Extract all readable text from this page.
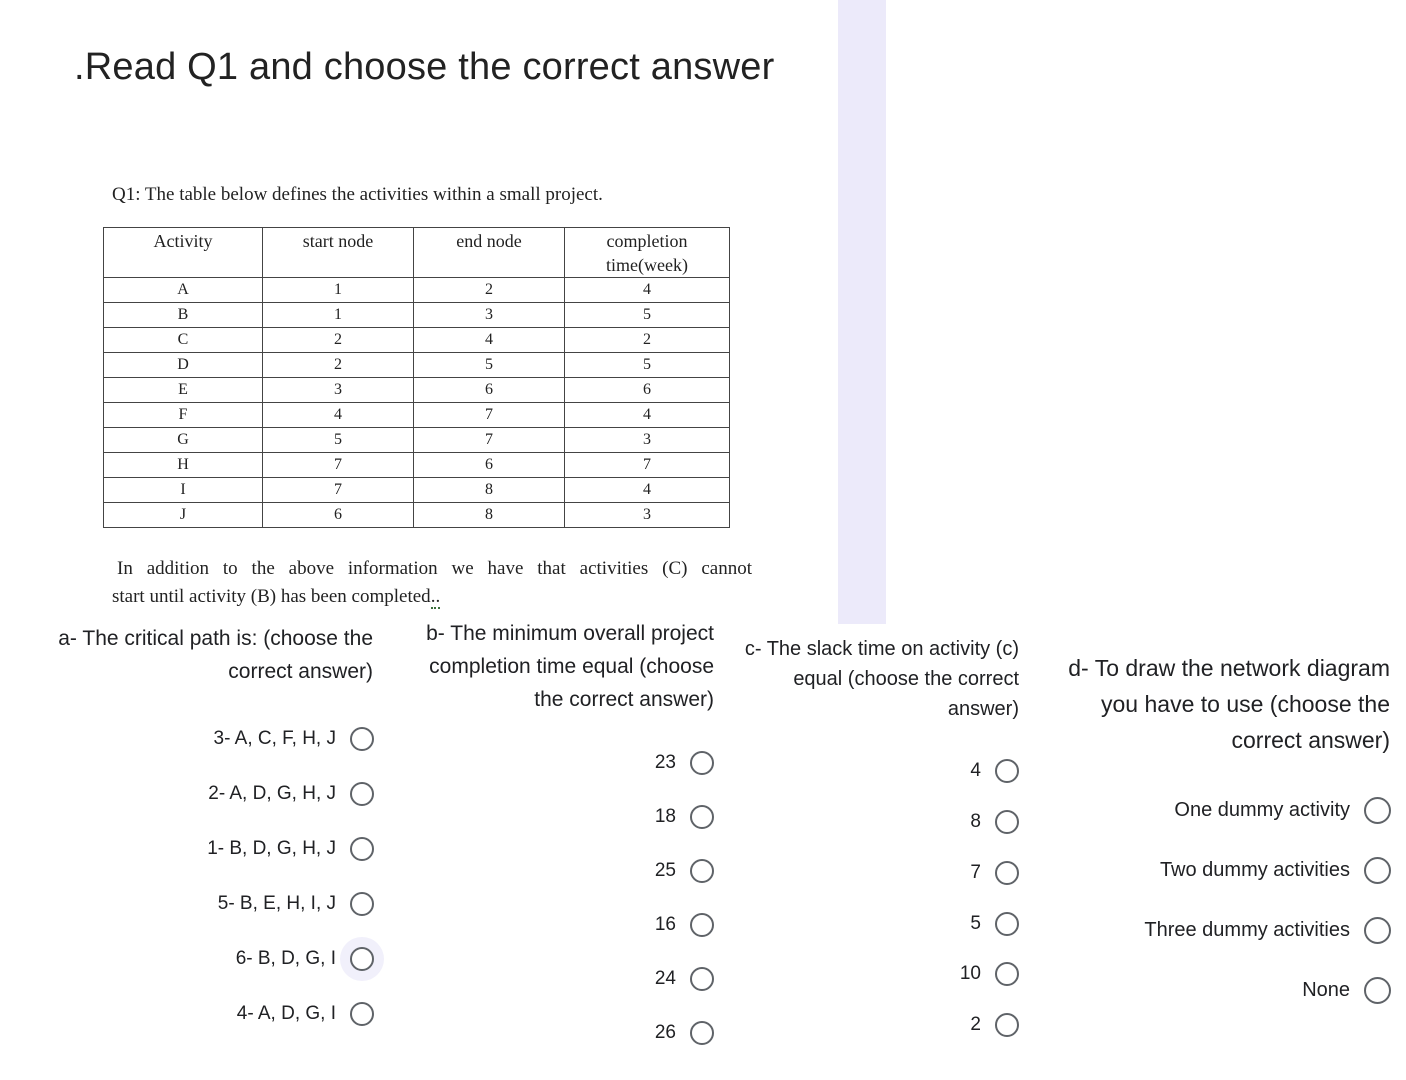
.Read Q1 and choose the correct answer
Q1: The table below defines the activities within a small project.
Activity	start node	end node	completion time(week)
A	1	2	4
B	1	3	5
C	2	4	2
D	2	5	5
E	3	6	6
F	4	7	4
G	5	7	3
H	7	6	7
I	7	8	4
J	6	8	3
In addition to the above information we have that activities (C) cannot
start until activity (B) has been completed..
a- The critical path is: (choose the
correct answer)
3- A, C, F, H, J
2- A, D, G, H, J
1- B, D, G, H, J
5- B, E, H, I, J
6- B, D, G, I
4- A, D, G, I
b- The minimum overall project
completion time equal (choose
the correct answer)
23
18
25
16
24
26
c- The slack time on activity (c)
equal (choose the correct
answer)
4
8
7
5
10
2
d- To draw the network diagram
you have to use (choose the
correct answer)
One dummy activity
Two dummy activities
Three dummy activities
None
